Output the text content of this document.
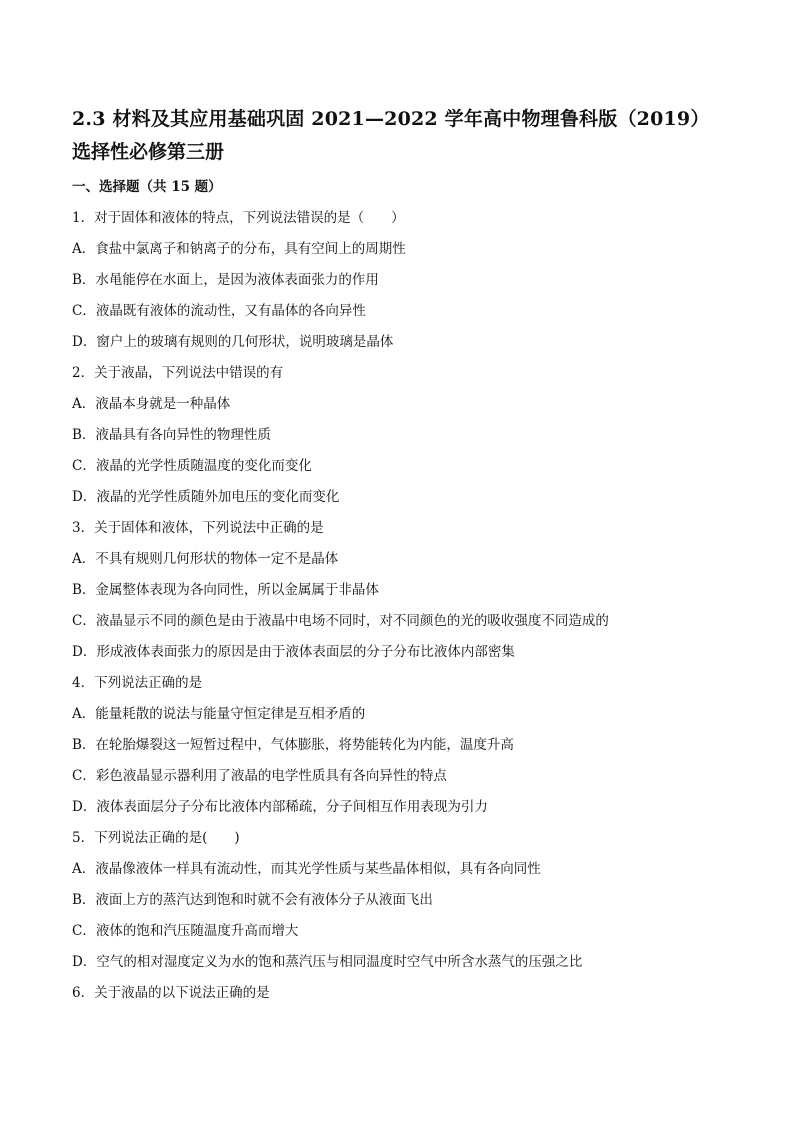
2.3 材料及其应用基础巩固 2021—2022 学年高中物理鲁科版（2019）
选择性必修第三册
一、选择题（共 15 题）
1．对于固体和液体的特点，下列说法错误的是（　　）
A．食盐中氯离子和钠离子的分布，具有空间上的周期性
B．水黾能停在水面上，是因为液体表面张力的作用
C．液晶既有液体的流动性，又有晶体的各向异性
D．窗户上的玻璃有规则的几何形状，说明玻璃是晶体
2．关于液晶，下列说法中错误的有
A．液晶本身就是一种晶体
B．液晶具有各向异性的物理性质
C．液晶的光学性质随温度的变化而变化
D．液晶的光学性质随外加电压的变化而变化
3．关于固体和液体，下列说法中正确的是
A．不具有规则几何形状的物体一定不是晶体
B．金属整体表现为各向同性，所以金属属于非晶体
C．液晶显示不同的颜色是由于液晶中电场不同时，对不同颜色的光的吸收强度不同造成的
D．形成液体表面张力的原因是由于液体表面层的分子分布比液体内部密集
4．下列说法正确的是
A．能量耗散的说法与能量守恒定律是互相矛盾的
B．在轮胎爆裂这一短暂过程中，气体膨胀，将势能转化为内能，温度升高
C．彩色液晶显示器利用了液晶的电学性质具有各向异性的特点
D．液体表面层分子分布比液体内部稀疏，分子间相互作用表现为引力
5．下列说法正确的是(　　)
A．液晶像液体一样具有流动性，而其光学性质与某些晶体相似，具有各向同性
B．液面上方的蒸汽达到饱和时就不会有液体分子从液面飞出
C．液体的饱和汽压随温度升高而增大
D．空气的相对湿度定义为水的饱和蒸汽压与相同温度时空气中所含水蒸气的压强之比
6．关于液晶的以下说法正确的是
